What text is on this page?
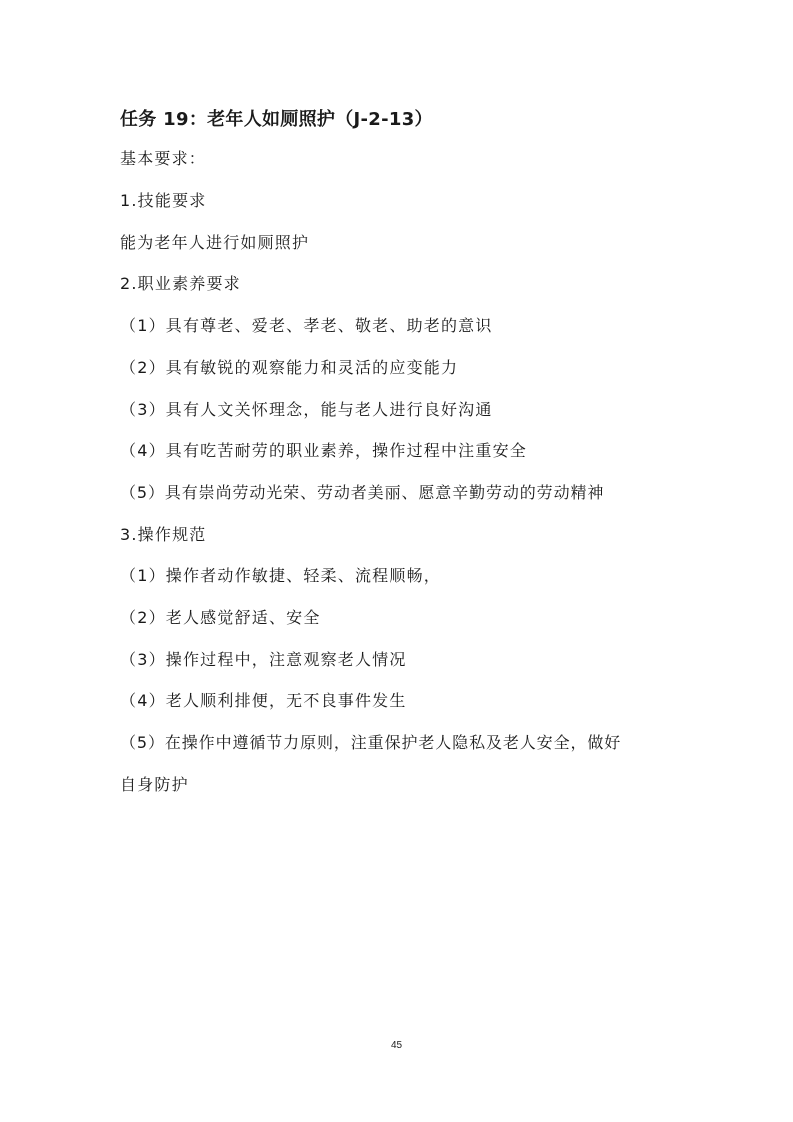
任务 19：老年人如厕照护（J-2-13）
基本要求：
1.技能要求
能为老年人进行如厕照护
2.职业素养要求
（1）具有尊老、爱老、孝老、敬老、助老的意识
（2）具有敏锐的观察能力和灵活的应变能力
（3）具有人文关怀理念，能与老人进行良好沟通
（4）具有吃苦耐劳的职业素养，操作过程中注重安全
（5）具有崇尚劳动光荣、劳动者美丽、愿意辛勤劳动的劳动精神
3.操作规范
（1）操作者动作敏捷、轻柔、流程顺畅，
（2）老人感觉舒适、安全
（3）操作过程中，注意观察老人情况
（4）老人顺利排便，无不良事件发生
（5）在操作中遵循节力原则，注重保护老人隐私及老人安全，做好
自身防护
45
